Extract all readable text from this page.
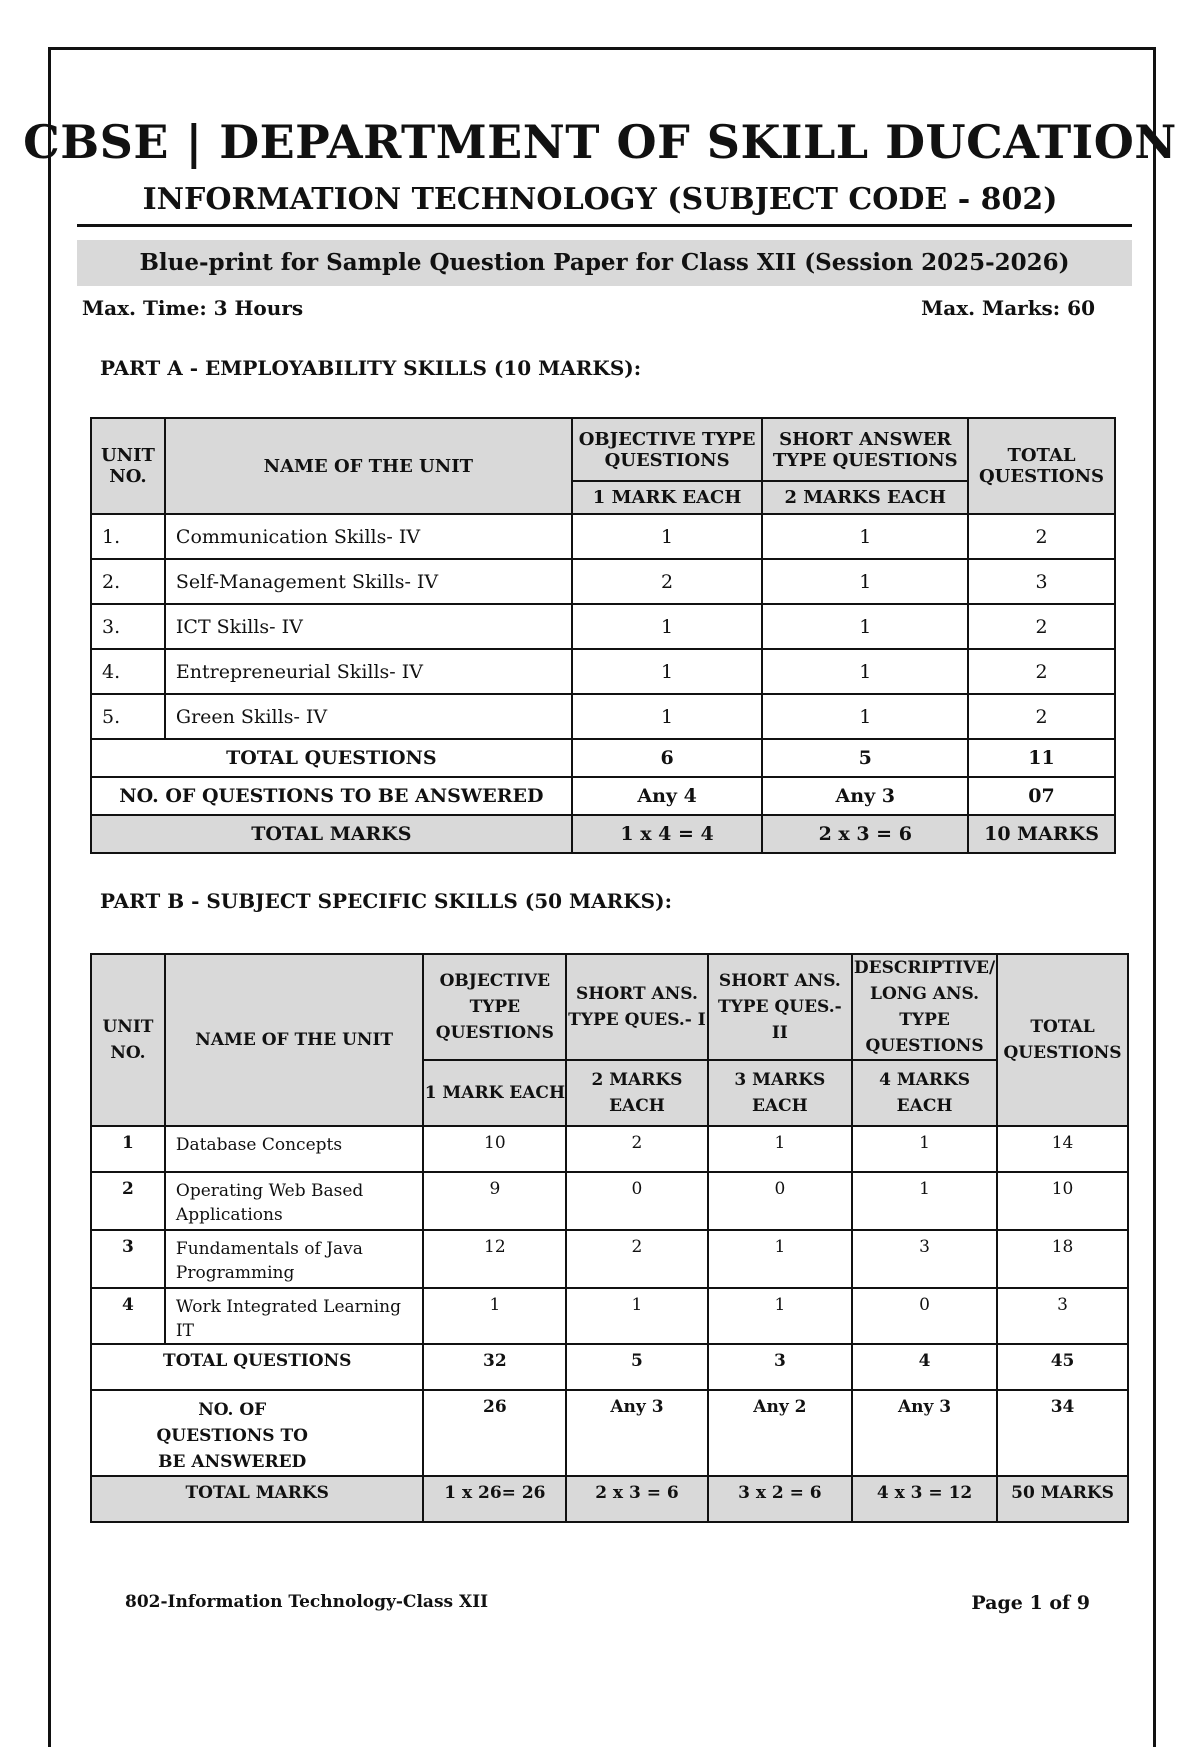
CBSE | DEPARTMENT OF SKILL DUCATION
INFORMATION TECHNOLOGY (SUBJECT CODE - 802)
Blue-print for Sample Question Paper for Class XII (Session 2025-2026)
Max. Time: 3 Hours	Max. Marks: 60
PART A - EMPLOYABILITY SKILLS (10 MARKS):
UNIT NO.	NAME OF THE UNIT	OBJECTIVE TYPE QUESTIONS	SHORT ANSWER TYPE QUESTIONS	TOTAL QUESTIONS
		1 MARK EACH	2 MARKS EACH	
1.	Communication Skills- IV	1	1	2
2.	Self-Management Skills- IV	2	1	3
3.	ICT Skills- IV	1	1	2
4.	Entrepreneurial Skills- IV	1	1	2
5.	Green Skills- IV	1	1	2
TOTAL QUESTIONS		6	5	11
NO. OF QUESTIONS TO BE ANSWERED		Any 4	Any 3	07
TOTAL MARKS		1 x 4 = 4	2 x 3 = 6	10 MARKS
PART B - SUBJECT SPECIFIC SKILLS (50 MARKS):
UNIT NO.	NAME OF THE UNIT	OBJECTIVE TYPE QUESTIONS	SHORT ANS. TYPE QUES.- I	SHORT ANS. TYPE QUES.- II	DESCRIPTIVE/ LONG ANS. TYPE QUESTIONS	TOTAL QUESTIONS
		1 MARK EACH	2 MARKS EACH	3 MARKS EACH	4 MARKS EACH	
1	Database Concepts	10	2	1	1	14
2	Operating Web Based Applications	9	0	0	1	10
3	Fundamentals of Java Programming	12	2	1	3	18
4	Work Integrated Learning IT	1	1	1	0	3
TOTAL QUESTIONS		32	5	3	4	45
NO. OF QUESTIONS TO BE ANSWERED		26	Any 3	Any 2	Any 3	34
TOTAL MARKS		1 x 26= 26	2 x 3 = 6	3 x 2 = 6	4 x 3 = 12	50 MARKS
802-Information Technology-Class XII	Page 1 of 9
